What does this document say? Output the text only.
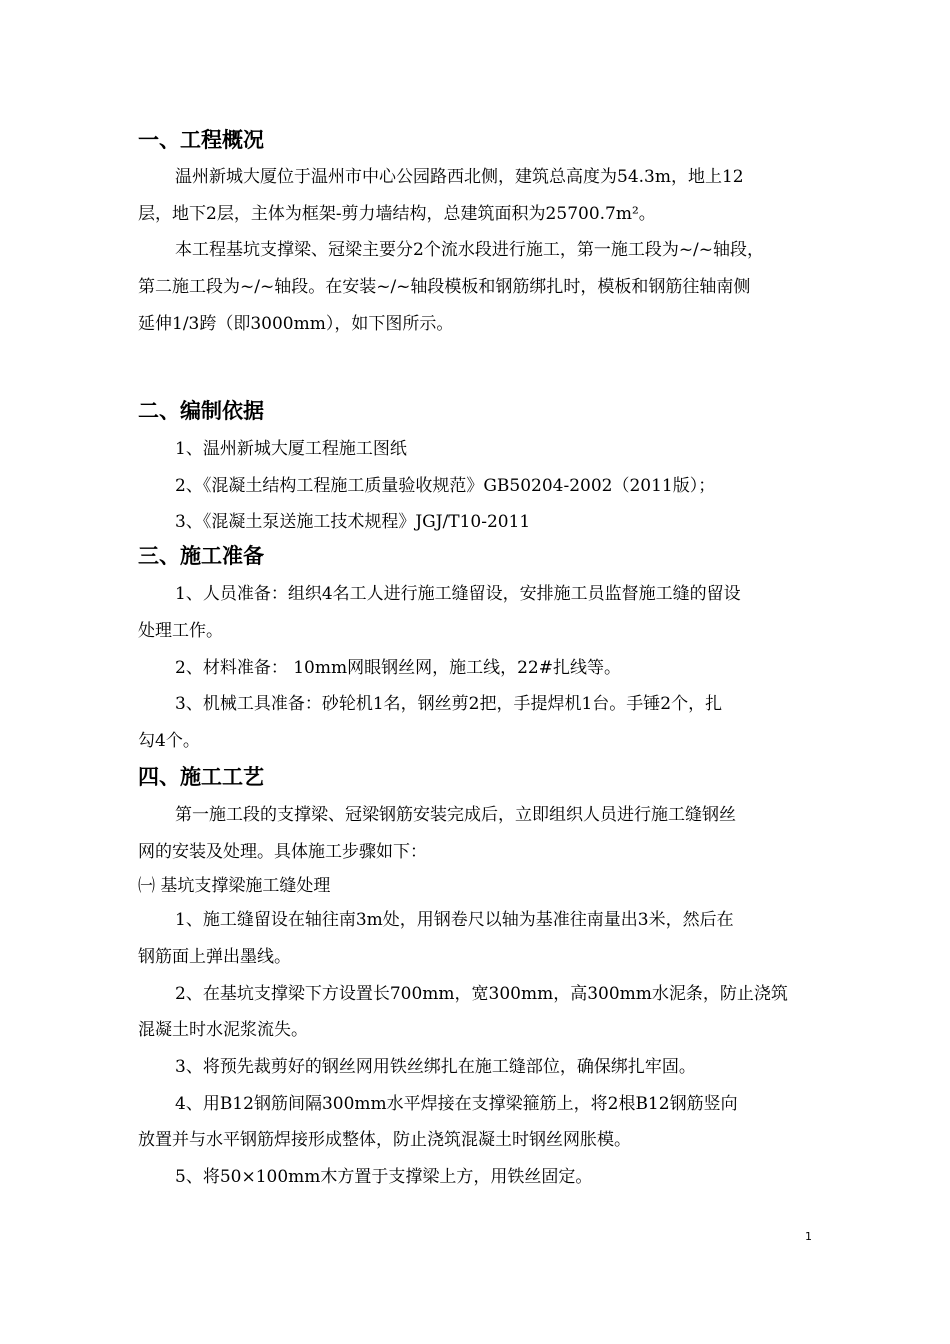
一、工程概况

温州新城大厦位于温州市中心公园路西北侧，建筑总高度为54.3m，地上12

层，地下2层，主体为框架-剪力墙结构，总建筑面积为25700.7m²。

本工程基坑支撑梁、冠梁主要分2个流水段进行施工，第一施工段为~/~轴段，

第二施工段为~/~轴段。在安装~/~轴段模板和钢筋绑扎时，模板和钢筋往轴南侧

延伸1/3跨（即3000mm），如下图所示。

二、编制依据

1、温州新城大厦工程施工图纸

2、《混凝土结构工程施工质量验收规范》GB50204-2002（2011版）；

3、《混凝土泵送施工技术规程》JGJ/T10-2011

三、施工准备

1、人员准备：组织4名工人进行施工缝留设，安排施工员监督施工缝的留设

处理工作。

2、材料准备： 10mm网眼钢丝网，施工线，22#扎线等。

3、机械工具准备：砂轮机1名，钢丝剪2把，手提焊机1台。手锤2个，扎

勾4个。

四、施工工艺

第一施工段的支撑梁、冠梁钢筋安装完成后，立即组织人员进行施工缝钢丝

网的安装及处理。具体施工步骤如下：

㈠ 基坑支撑梁施工缝处理

1、施工缝留设在轴往南3m处，用钢卷尺以轴为基准往南量出3米，然后在

钢筋面上弹出墨线。

2、在基坑支撑梁下方设置长700mm，宽300mm，高300mm水泥条，防止浇筑

混凝土时水泥浆流失。

3、将预先裁剪好的钢丝网用铁丝绑扎在施工缝部位，确保绑扎牢固。

4、用B12钢筋间隔300mm水平焊接在支撑梁箍筋上，将2根B12钢筋竖向

放置并与水平钢筋焊接形成整体，防止浇筑混凝土时钢丝网胀模。

5、将50×100mm木方置于支撑梁上方，用铁丝固定。

1
